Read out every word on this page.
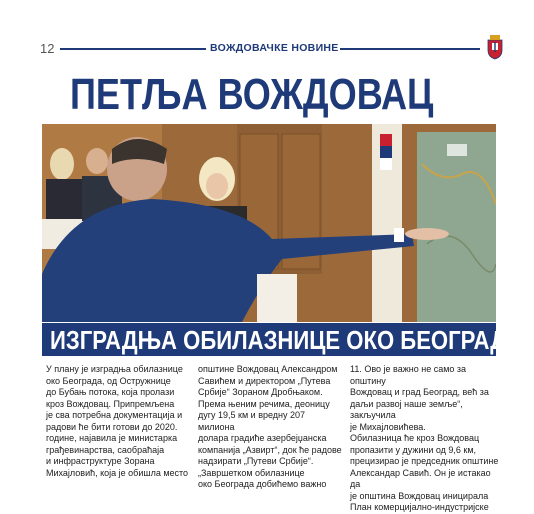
12	ВОЖДОВАЧКЕ НОВИНЕ
ПЕТЉА ВОЖДОВАЦ
ИЗГРАДЊА ОБИЛАЗНИЦЕ ОКО БЕОГРАДА

У плану је изградња обилазнице

око Београда, од Остружнице

до Бубањ потока, која пролази

кроз Вождовац. Припремљена

је сва потребна документација и

радови ће бити готови до 2020.

године, најавила је министарка

грађевинарства, саобраћаја

и инфраструктуре Зорана

Михајловић, која је обишла место

општине Вождовац Александром

Савићем и директором „Путева

Србије“ Зораном Дробњаком.

Према њеним речима, деоницу

дугу 19,5 км и вредну 207 милиона

долара градиће азербејџанска

компанија „Азвирт“, док ће радове

надзирати „Путеви Србије“.

„Завршетком обилазнице

око Београда добићемо важно

11. Ово је важно не само за општину

Вождовац и град Београд, већ за

даљи развој наше земље“, закључила

је Михајловићева.

Обилазница ће кроз Вождовац

пропазити у дужини од 9,6 км,

прецизирао је председник општине

Александар Савић. Он је истакао да

је општина Вождовац иницирала

План комерцијално-индустријске
